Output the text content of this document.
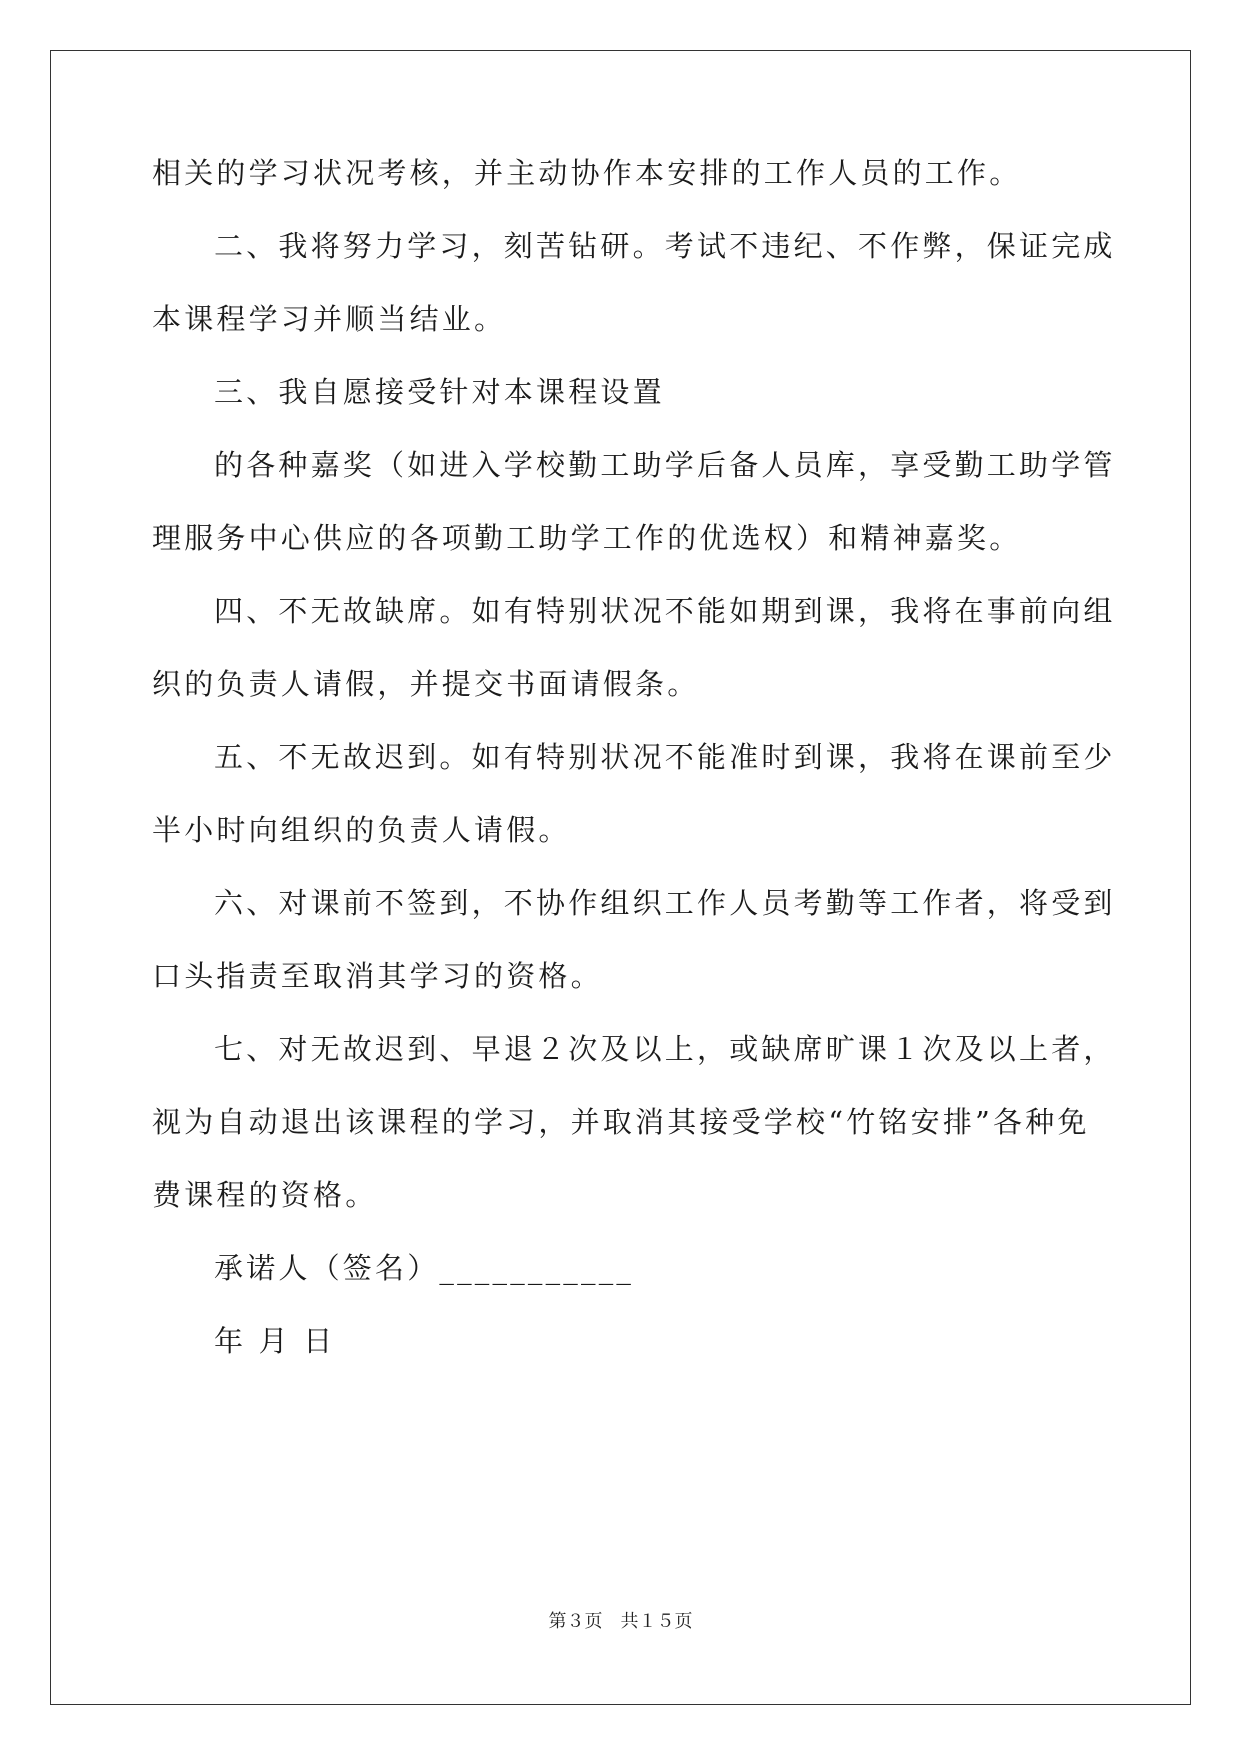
相关的学习状况考核，并主动协作本安排的工作人员的工作。
二、我将努力学习，刻苦钻研。考试不违纪、不作弊，保证完成
本课程学习并顺当结业。
三、我自愿接受针对本课程设置
的各种嘉奖（如进入学校勤工助学后备人员库，享受勤工助学管
理服务中心供应的各项勤工助学工作的优选权）和精神嘉奖。
四、不无故缺席。如有特别状况不能如期到课，我将在事前向组
织的负责人请假，并提交书面请假条。
五、不无故迟到。如有特别状况不能准时到课，我将在课前至少
半小时向组织的负责人请假。
六、对课前不签到，不协作组织工作人员考勤等工作者，将受到
口头指责至取消其学习的资格。
七、对无故迟到、早退２次及以上，或缺席旷课１次及以上者，
视为自动退出该课程的学习，并取消其接受学校“竹铭安排”各种免
费课程的资格。
承诺人（签名）___________
年 月 日
第３页 共１５页
